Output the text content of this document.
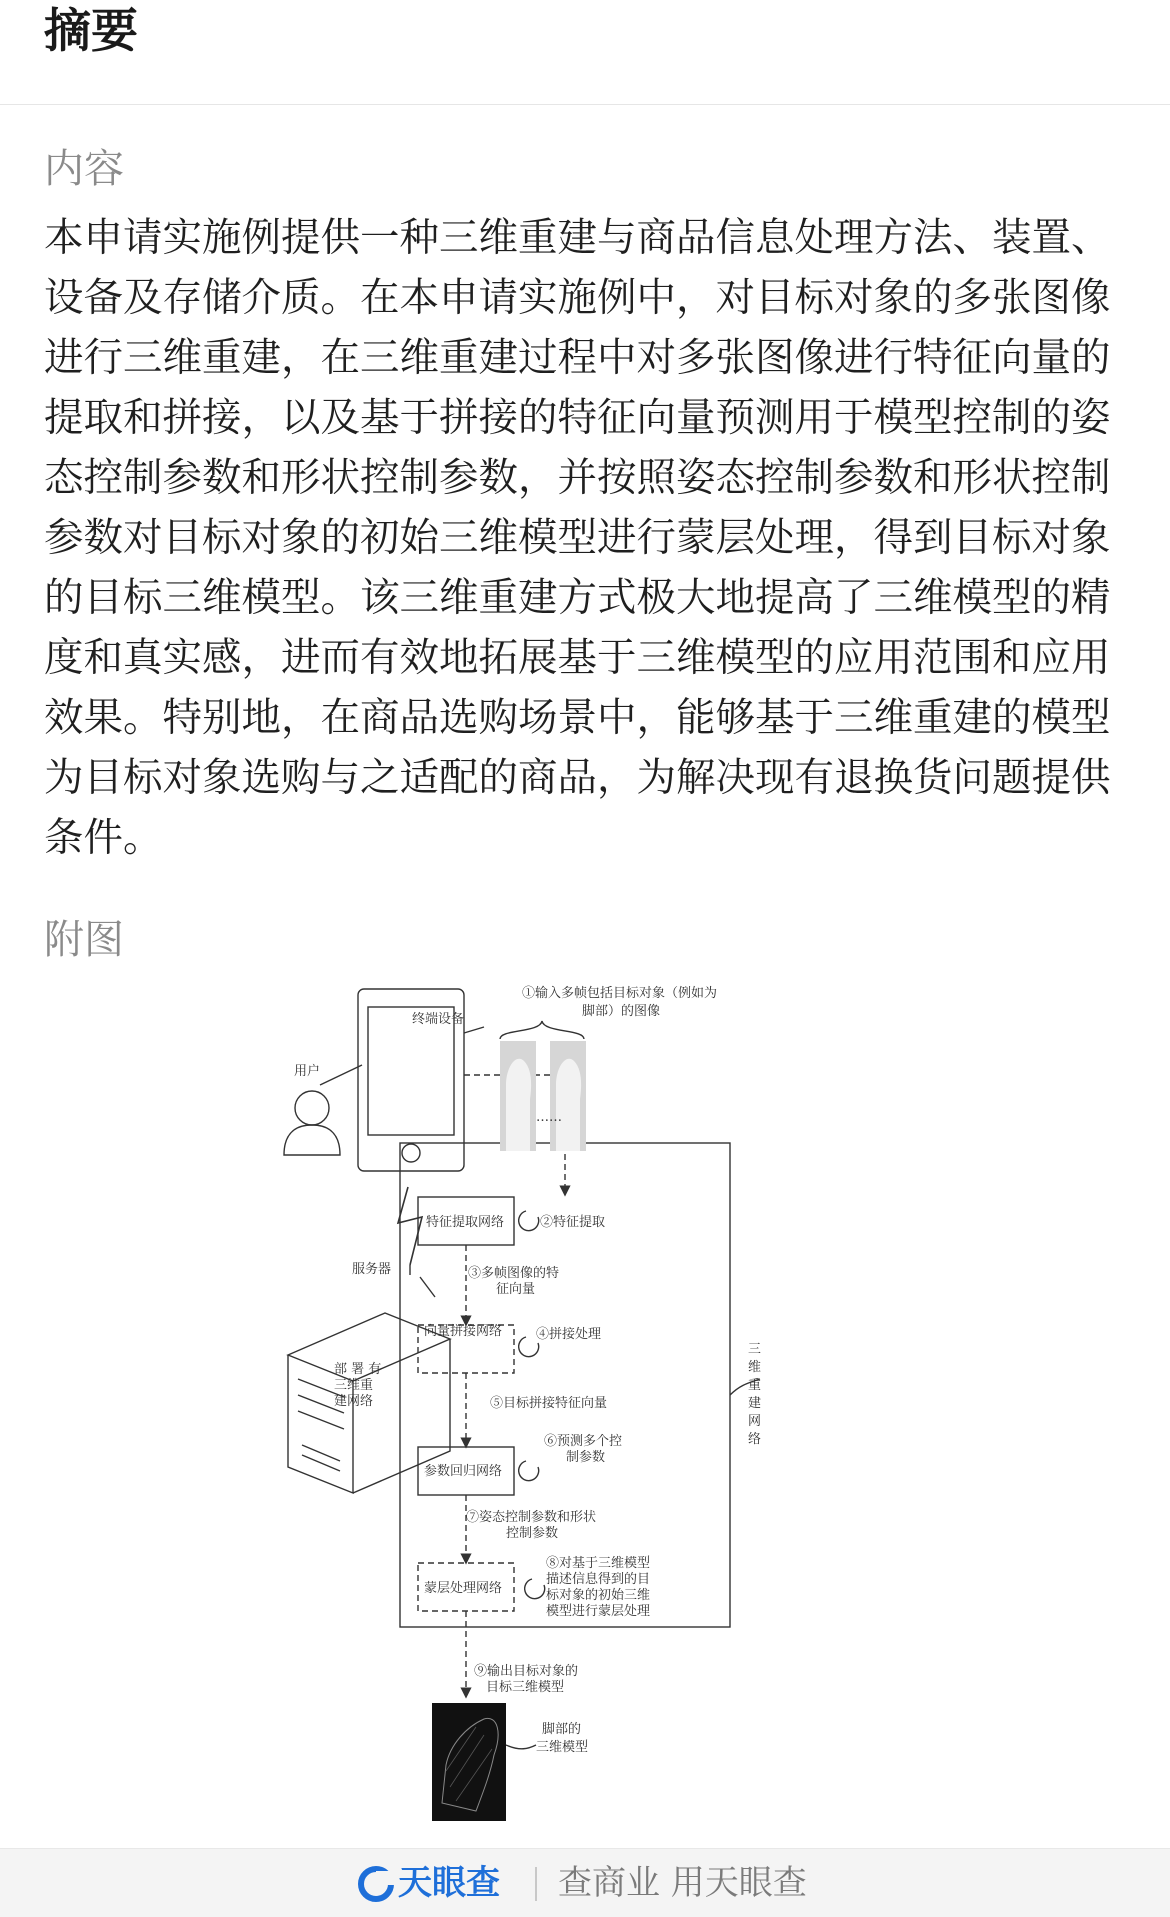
摘要
内容

本申请实施例提供一种三维重建与商品信息处理方法、装置、设备及存储介质。在本申请实施例中，对目标对象的多张图像进行三维重建，在三维重建过程中对多张图像进行特征向量的提取和拼接，以及基于拼接的特征向量预测用于模型控制的姿态控制参数和形状控制参数，并按照姿态控制参数和形状控制参数对目标对象的初始三维模型进行蒙层处理，得到目标对象的目标三维模型。该三维重建方式极大地提高了三维模型的精度和真实感，进而有效地拓展基于三维模型的应用范围和应用效果。特别地，在商品选购场景中，能够基于三维重建的模型为目标对象选购与之适配的商品，为解决现有退换货问题提供条件。

附图
用户
终端设备
服务器
部 署 有
三维重
建网络
①输入多帧包括目标对象（例如为
脚部）的图像
……
特征提取网络	②特征提取
③多帧图像的特
征向量
向量拼接网络	④拼接处理
⑤目标拼接特征向量
参数回归网络
⑥预测多个控
制参数
⑦姿态控制参数和形状
控制参数
蒙层处理网络
⑧对基于三维模型
描述信息得到的目
标对象的初始三维
模型进行蒙层处理
⑨输出目标对象的
目标三维模型
脚部的
三维模型
三
维
重
建
网
络
天眼查 查商业 用天眼查
